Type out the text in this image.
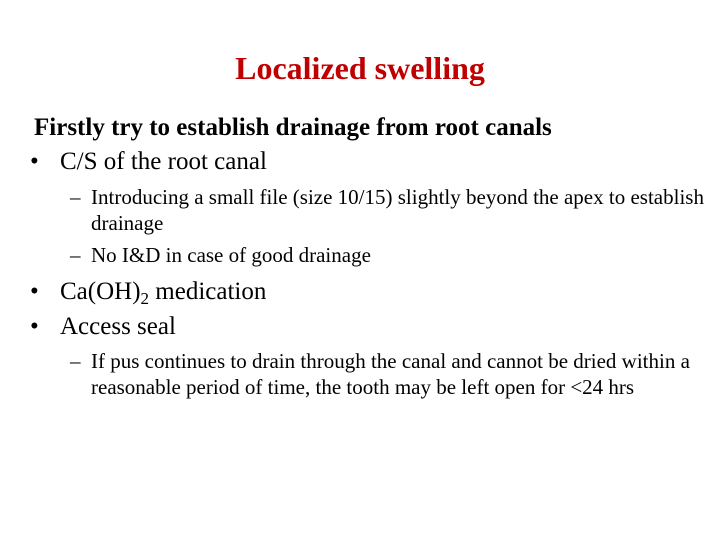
Localized swelling
Firstly try to establish drainage from root canals
• C/S of the root canal
– Introducing a small file (size 10/15) slightly beyond the apex to establish drainage
– No I&D in case of good drainage
• $Ca(OH)_2$ medication
• Access seal
– If pus continues to drain through the canal and cannot be dried within a reasonable period of time, the tooth may be left open for <24 hrs
